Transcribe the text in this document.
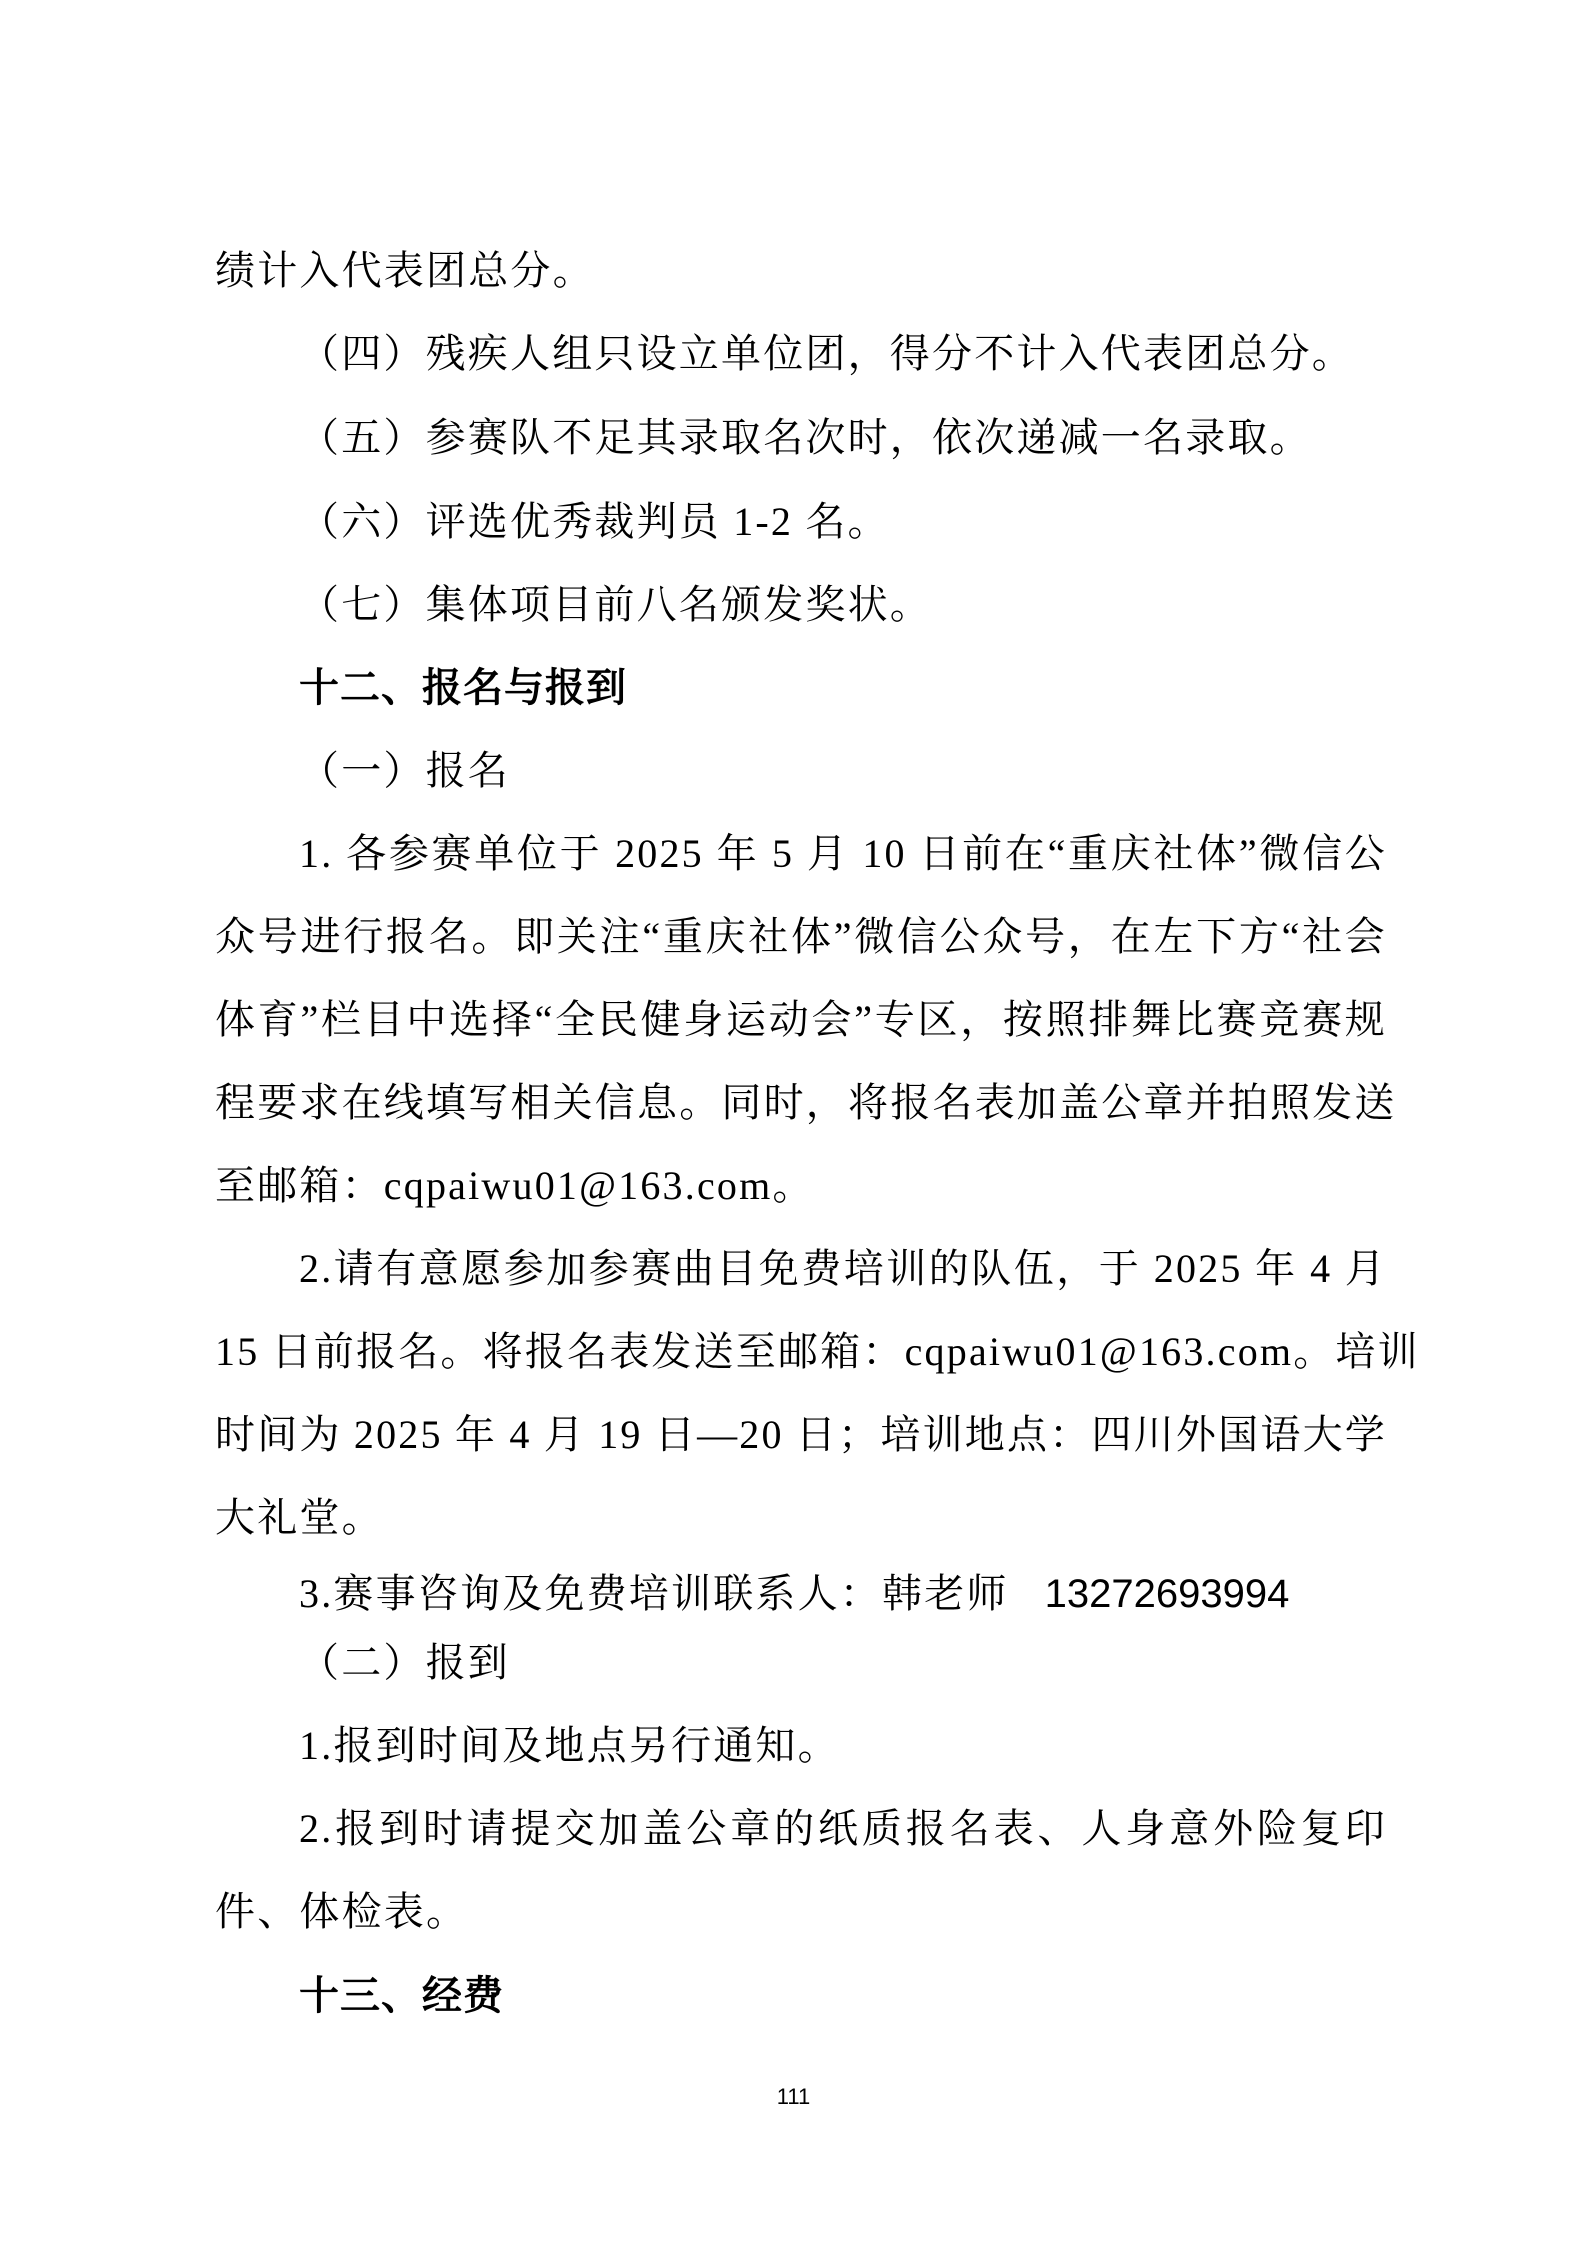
绩计入代表团总分。
（四）残疾人组只设立单位团，得分不计入代表团总分。
（五）参赛队不足其录取名次时，依次递减一名录取。
（六）评选优秀裁判员 1-2 名。
（七）集体项目前八名颁发奖状。
十二、报名与报到
（一）报名
1. 各参赛单位于 2025 年 5 月 10 日前在“重庆社体”微信公
众号进行报名。即关注“重庆社体”微信公众号，在左下方“社会
体育”栏目中选择“全民健身运动会”专区，按照排舞比赛竞赛规
程要求在线填写相关信息。同时，将报名表加盖公章并拍照发送
至邮箱：cqpaiwu01@163.com。
2.请有意愿参加参赛曲目免费培训的队伍，于 2025 年 4 月
15 日前报名。将报名表发送至邮箱：cqpaiwu01@163.com。培训
时间为 2025 年 4 月 19 日—20 日；培训地点：四川外国语大学
大礼堂。
3.赛事咨询及免费培训联系人：韩老师 13272693994
（二）报到
1.报到时间及地点另行通知。
2.报到时请提交加盖公章的纸质报名表、人身意外险复印
件、体检表。
十三、经费
111
